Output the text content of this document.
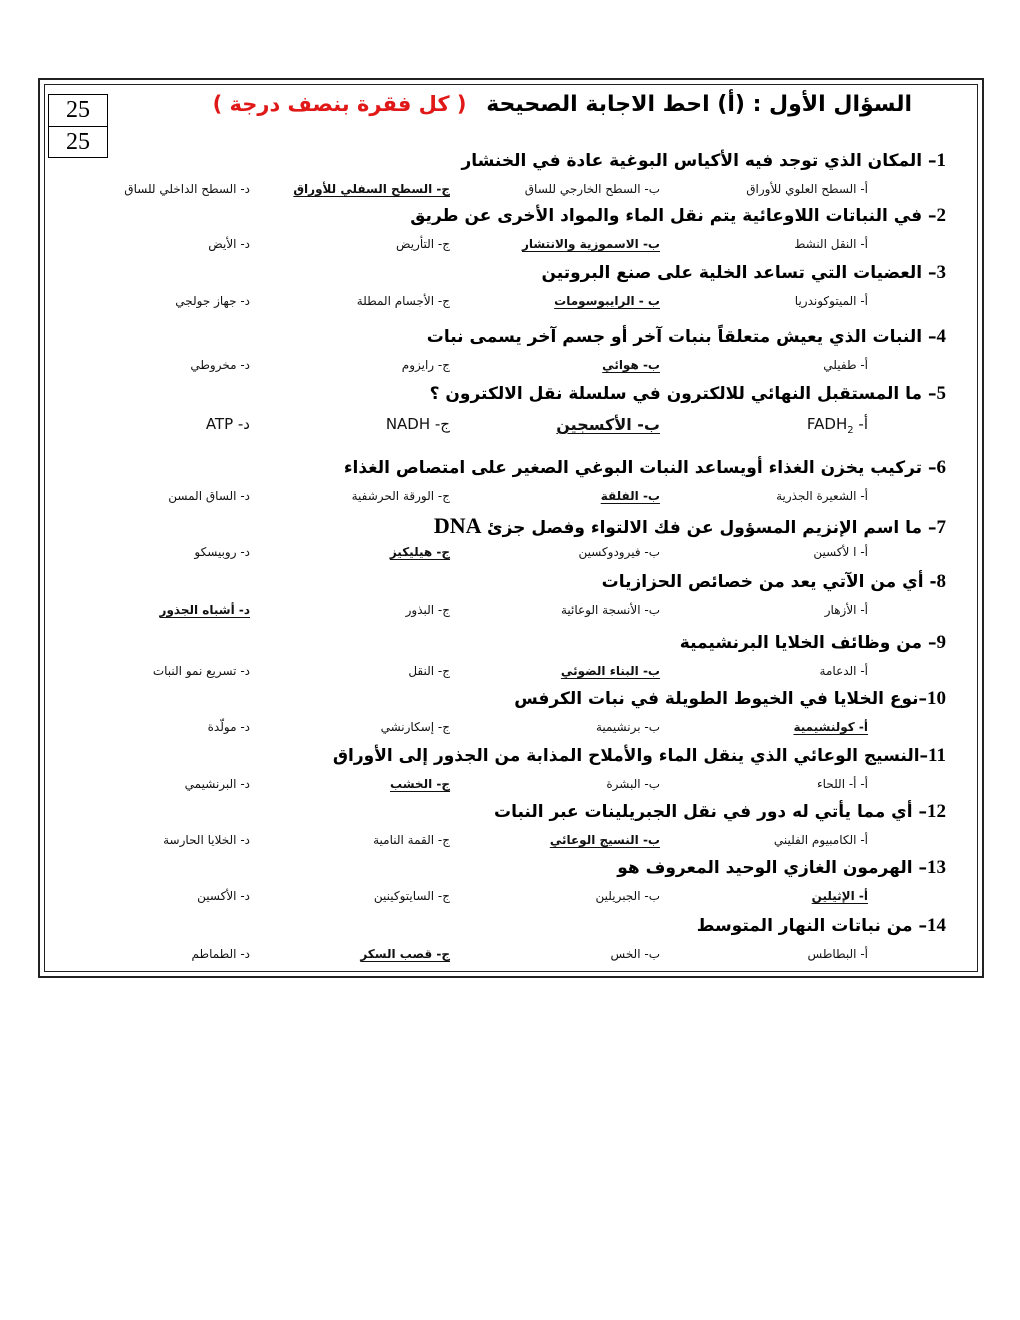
25
25
السؤال الأول : (أ) احط الاجابة الصحيحة ( كل فقرة بنصف درجة )
1– المكان الذي توجد فيه الأكياس البوغية عادة في الخنشار
أ- السطح العلوي للأوراق
ب- السطح الخارجي للساق
ج- السطح السفلي للأوراق
د- السطح الداخلي للساق
2– في النباتات اللاوعائية يتم نقل الماء والمواد الأخرى عن طريق
أ- النقل النشط
ب- الاسموزية والانتشار
ج- التأريض
د- الأيض
3– العضيات التي تساعد الخلية على صنع البروتين
أ- الميتوكوندريا
ب - الرايبوسومات
ج- الأجسام المطلة
د- جهاز جولجي
4– النبات الذي يعيش متعلقاً بنبات آخر أو جسم آخر يسمى نبات
أ- طفيلي
ب- هوائي
ج- رايزوم
د- مخروطي
5– ما المستقبل النهائي للالكترون في سلسلة نقل الالكترون ؟
أ- $FADH_2$
ب- الأكسجين
ج- NADH
د- ATP
6– تركيب يخزن الغذاء أويساعد النبات البوغي الصغير على امتصاص الغذاء
أ- الشعيرة الجذرية
ب- الفلقة
ج- الورقة الحرشفية
د- الساق المسن
7– ما اسم الإنزيم المسؤول عن فك الالتواء وفصل جزئ DNA
أ- ا لأكسين
ب- فيرودوكسين
ج- هيليكيز
د- روبيسكو
8- أي من الآتي يعد من خصائص الحزازيات
أ- الأزهار
ب- الأنسجة الوعائية
ج- البذور
د- أشباه الجذور
9– من وظائف الخلايا البرنشيمية
أ- الدعامة
ب- البناء الضوئي
ج- النقل
د- تسريع نمو النبات
10–نوع الخلايا في الخيوط الطويلة في نبات الكرفس
أ- كولنشيمية
ب- برنشيمية
ج- إسكارنشي
د- مولّدة
11–النسيج الوعائي الذي ينقل الماء والأملاح المذابة من الجذور إلى الأوراق
أ- أ- اللحاء
ب- البشرة
ج- الخشب
د- البرنشيمي
12– أي مما يأتي له دور في نقل الجبريلينات عبر النبات
أ- الكامبيوم الفليني
ب- النسيج الوعائي
ج- القمة النامية
د- الخلايا الحارسة
13– الهرمون الغازي الوحيد المعروف هو
أ- الإثيلين
ب- الجبريلين
ج- السايتوكينين
د- الأكسين
14– من نباتات النهار المتوسط
أ- البطاطس
ب- الخس
ج- قصب السكر
د- الطماطم
